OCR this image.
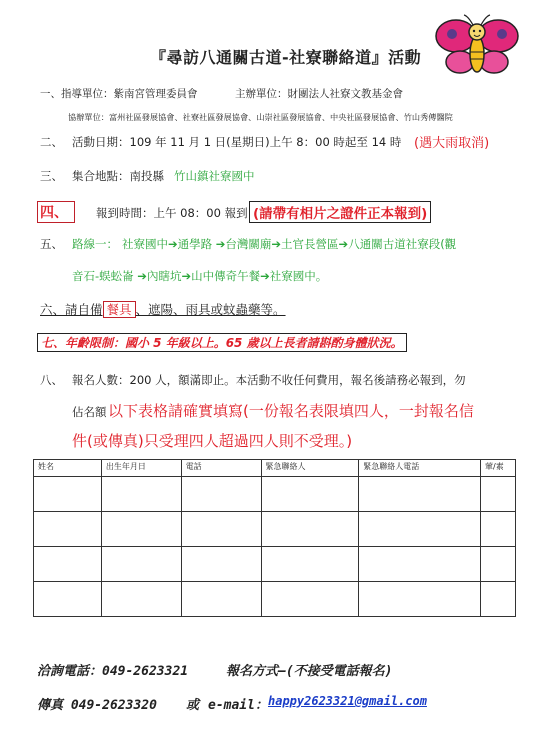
『尋訪八通關古道-社寮聯絡道』活動
一、指導單位：紫南宮管理委員會	主辦單位：財團法人社寮文教基金會
協辦單位：富州社區發展協會、社寮社區發展協會、山崇社區發展協會、中央社區發展協會、竹山秀傳醫院
二、 活動日期：109 年 11 月 1 日(星期日)上午 8：00 時起至 14 時 (遇大雨取消)
三、 集合地點：南投縣 竹山鎮社寮國中
四、	報到時間：上午 08：00 報到 (請帶有相片之證件正本報到)
五、 路線一： 社寮國中➔通學路 ➔台灣關廟➔土官長營區➔八通關古道社寮段(觀
音石-蜈蚣崙 ➔內瞎坑➔山中傳奇午餐➔社寮國中。
六、請自備 餐具 、遮陽、雨具或蚊蟲藥等。
七、年齡限制：國小 5 年級以上。65 歲以上長者請斟酌身體狀況。
八、 報名人數：200 人，額滿即止。本活動不收任何費用，報名後請務必報到，勿
佔名額 以下表格請確實填寫(一份報名表限填四人，一封報名信
件(或傳真)只受理四人超過四人則不受理。)
姓名	出生年月日	電話	緊急聯絡人	緊急聯絡人電話	葷/素

洽詢電話：049-2623321	報名方式—(不接受電話報名)
傳真 049-2623320 或 e-mail： happy2623321@gmail.com
